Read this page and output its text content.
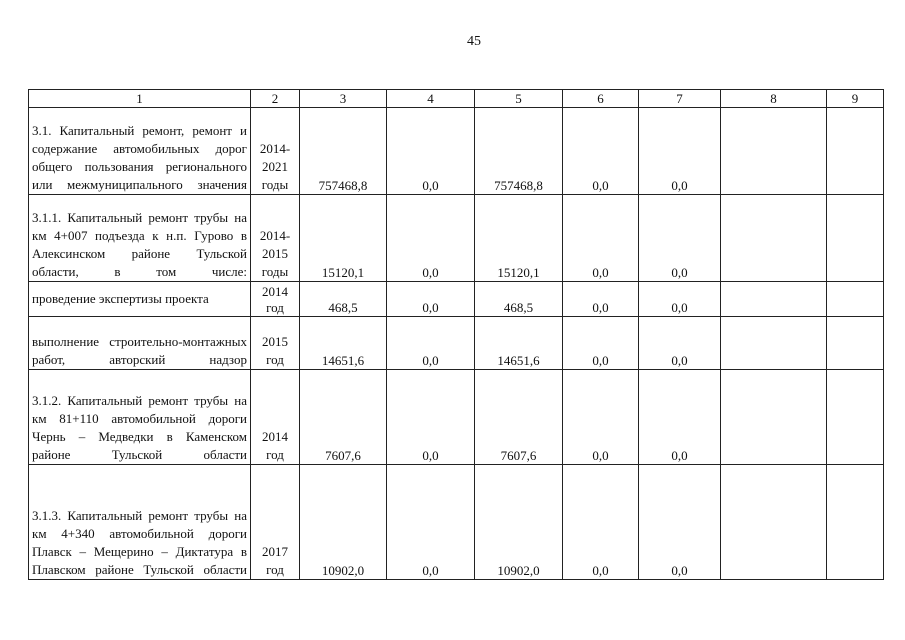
45
1	2	3	4	5	6	7	8	9
3.1. Капитальный ремонт, ремонт и содержание автомобильных дорог общего пользования регионального или межмуниципального значения	2014-2021 годы	757468,8	0,0	757468,8	0,0	0,0		
3.1.1. Капитальный ремонт трубы на км 4+007 подъезда к н.п. Гурово в Алексинском районе Тульской области, в том числе:	2014-2015 годы	15120,1	0,0	15120,1	0,0	0,0		
проведение экспертизы проекта	2014 год	468,5	0,0	468,5	0,0	0,0		
выполнение строительно-монтажных работ, авторский надзор	2015 год	14651,6	0,0	14651,6	0,0	0,0		
3.1.2. Капитальный ремонт трубы на км 81+110 автомобильной дороги Чернь – Медведки в Каменском районе Тульской области	2014 год	7607,6	0,0	7607,6	0,0	0,0		
3.1.3. Капитальный ремонт трубы на км 4+340 автомобильной дороги Плавск – Мещерино – Диктатура в Плавском районе Тульской области	2017 год	10902,0	0,0	10902,0	0,0	0,0		
